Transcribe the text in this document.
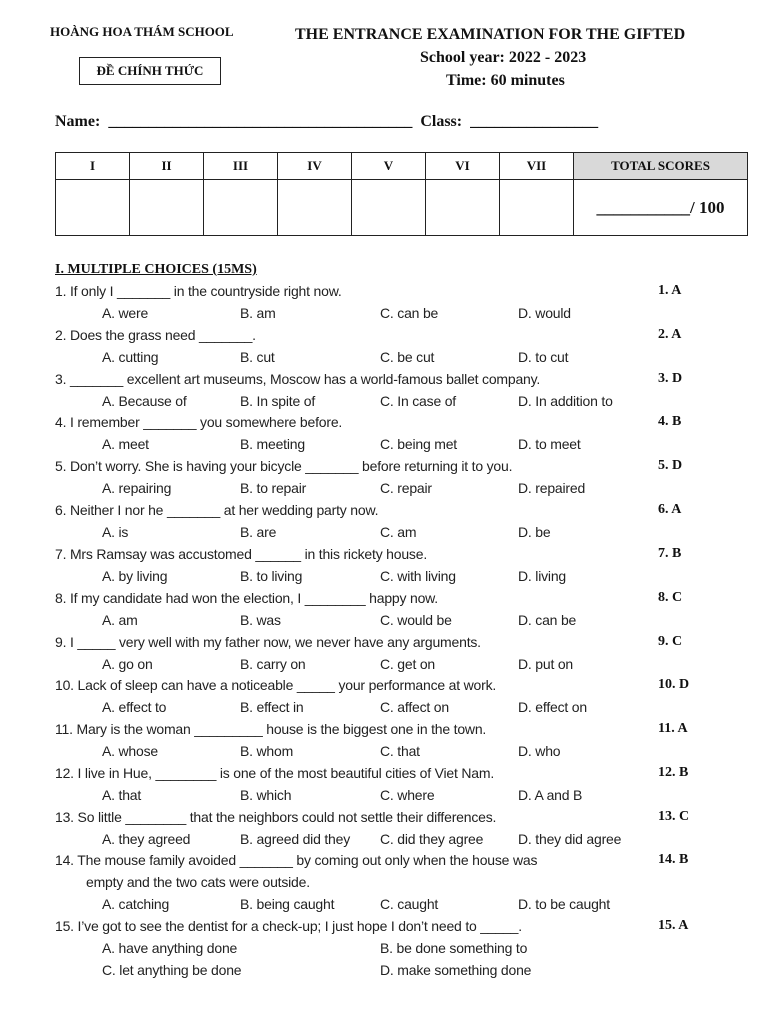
HOÀNG HOA THÁM SCHOOL
ĐỀ CHÍNH THỨC
THE ENTRANCE EXAMINATION FOR THE GIFTED
School year: 2022 - 2023
Time: 60 minutes
Name: ______________________________________ Class: ________________
I	II	III	IV	V	VI	VII	TOTAL SCORES
							___________/ 100
I. MULTIPLE CHOICES (15MS)
1. If only I _______ in the countryside right now.	1. A
A. were	B. am	C. can be	D. would
2. Does the grass need _______.	2. A
A. cutting	B. cut	C. be cut	D. to cut
3. _______ excellent art museums, Moscow has a world-famous ballet company.	3. D
A. Because of	B. In spite of	C. In case of	D. In addition to
4. I remember _______ you somewhere before.	4. B
A. meet	B. meeting	C. being met	D. to meet
5. Don’t worry. She is having your bicycle _______ before returning it to you.	5. D
A. repairing	B. to repair	C. repair	D. repaired
6. Neither I nor he _______ at her wedding party now.	6. A
A. is	B. are	C. am	D. be
7. Mrs Ramsay was accustomed ______ in this rickety house.	7. B
A. by living	B. to living	C. with living	D. living
8. If my candidate had won the election, I ________ happy now.	8. C
A. am	B. was	C. would be	D. can be
9. I _____ very well with my father now, we never have any arguments.	9. C
A. go on	B. carry on	C. get on	D. put on
10. Lack of sleep can have a noticeable _____ your performance at work.	10. D
A. effect to	B. effect in	C. affect on	D. effect on
11. Mary is the woman _________ house is the biggest one in the town.	11. A
A. whose	B. whom	C. that	D. who
12. I live in Hue, ________ is one of the most beautiful cities of Viet Nam.	12. B
A. that	B. which	C. where	D. A and B
13. So little ________ that the neighbors could not settle their differences.	13. C
A. they agreed	B. agreed did they C. did they agree D. they did agree
14. The mouse family avoided _______ by coming out only when the house was	14. B
empty and the two cats were outside.
A. catching	B. being caught	C. caught	D. to be caught
15. I’ve got to see the dentist for a check-up; I just hope I don’t need to _____.	15. A
A. have anything done	B. be done something to
C. let anything be done	D. make something done
